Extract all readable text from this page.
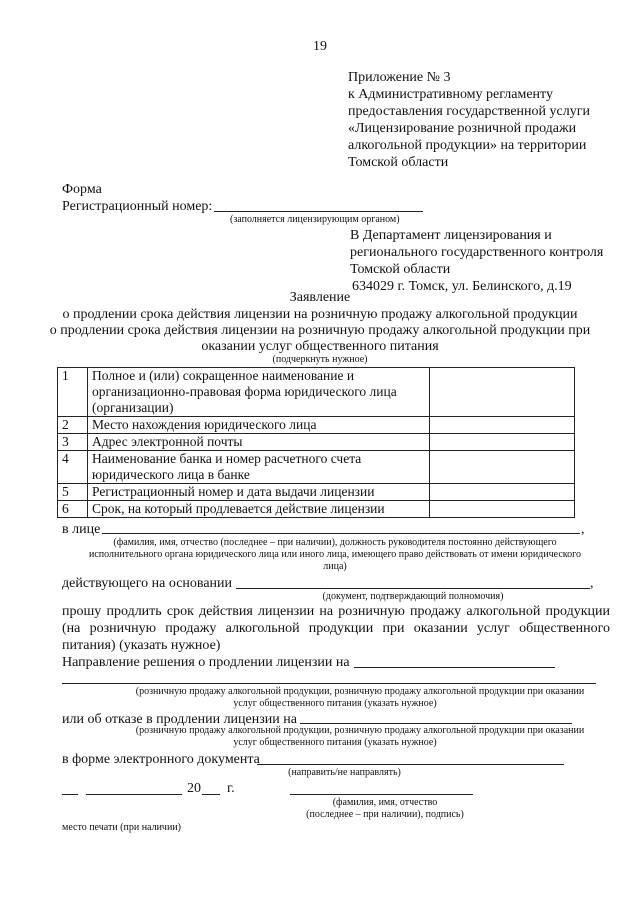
19
Приложение № 3
к Административному регламенту
предоставления государственной услуги
«Лицензирование розничной продажи
алкогольной продукции» на территории
Томской области
Форма
Регистрационный номер:
(заполняется лицензирующим органом)
В Департамент лицензирования и
регионального государственного контроля
Томской области
634029 г. Томск, ул. Белинского, д.19
Заявление
о продлении срока действия лицензии на розничную продажу алкогольной продукции
о продлении срока действия лицензии на розничную продажу алкогольной продукции при
оказании услуг общественного питания
(подчеркнуть нужное)
1	Полное и (или) сокращенное наименование и организационно-правовая форма юридического лица (организации)	
2	Место нахождения юридического лица	
3	Адрес электронной почты	
4	Наименование банка и номер расчетного счета юридического лица в банке	
5	Регистрационный номер и дата выдачи лицензии	
6	Срок, на который продлевается действие лицензии	
в лице	,
(фамилия, имя, отчество (последнее – при наличии), должность руководителя постоянно действующего
исполнительного органа юридического лица или иного лица, имеющего право действовать от имени юридического
лица)
действующего на основании	,
(документ, подтверждающий полномочия)
прошу продлить срок действия лицензии на розничную продажу алкогольной продукции
(на розничную продажу алкогольной продукции при оказании услуг общественного
питания) (указать нужное)
Направление решения о продлении лицензии на
(розничную продажу алкогольной продукции, розничную продажу алкогольной продукции при оказании
услуг общественного питания (указать нужное)
или об отказе в продлении лицензии на
(розничную продажу алкогольной продукции, розничную продажу алкогольной продукции при оказании
услуг общественного питания (указать нужное)
в форме электронного документа
(направить/не направлять)
20 г.
(фамилия, имя, отчество
(последнее – при наличии), подпись)
место печати (при наличии)
